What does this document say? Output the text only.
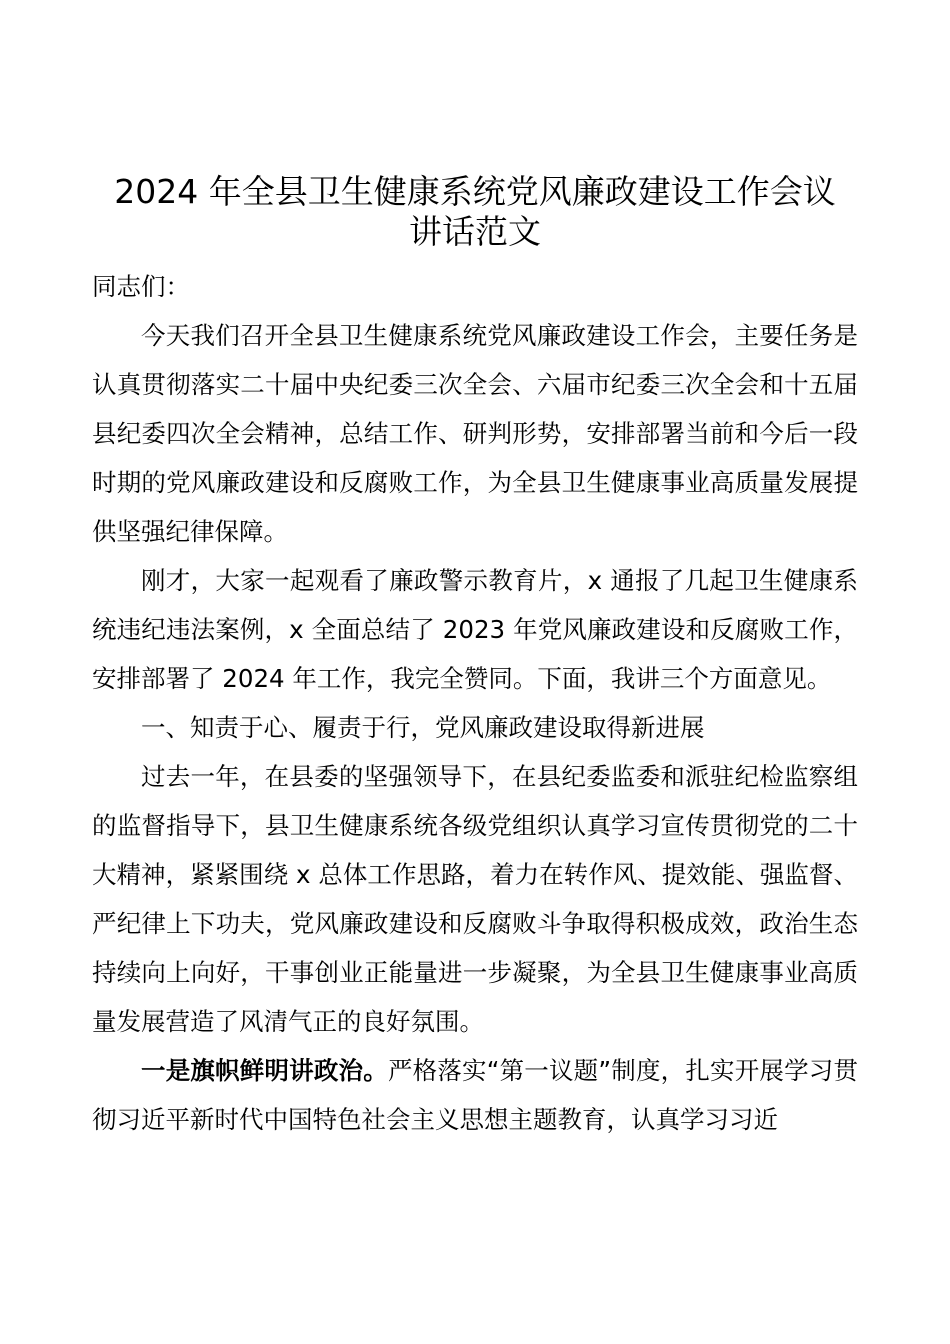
2024 年全县卫生健康系统党风廉政建设工作会议
讲话范文

同志们：

今天我们召开全县卫生健康系统党风廉政建设工作会，主要任务是认真贯彻落实二十届中央纪委三次全会、六届市纪委三次全会和十五届县纪委四次全会精神，总结工作、研判形势，安排部署当前和今后一段时期的党风廉政建设和反腐败工作，为全县卫生健康事业高质量发展提供坚强纪律保障。

刚才，大家一起观看了廉政警示教育片，x 通报了几起卫生健康系统违纪违法案例，x 全面总结了 2023 年党风廉政建设和反腐败工作，安排部署了 2024 年工作，我完全赞同。下面，我讲三个方面意见。

一、知责于心、履责于行，党风廉政建设取得新进展

过去一年，在县委的坚强领导下，在县纪委监委和派驻纪检监察组的监督指导下，县卫生健康系统各级党组织认真学习宣传贯彻党的二十大精神，紧紧围绕 x 总体工作思路，着力在转作风、提效能、强监督、严纪律上下功夫，党风廉政建设和反腐败斗争取得积极成效，政治生态持续向上向好，干事创业正能量进一步凝聚，为全县卫生健康事业高质量发展营造了风清气正的良好氛围。

一是旗帜鲜明讲政治。严格落实“第一议题”制度，扎实开展学习贯彻习近平新时代中国特色社会主义思想主题教育，认真学习习近
